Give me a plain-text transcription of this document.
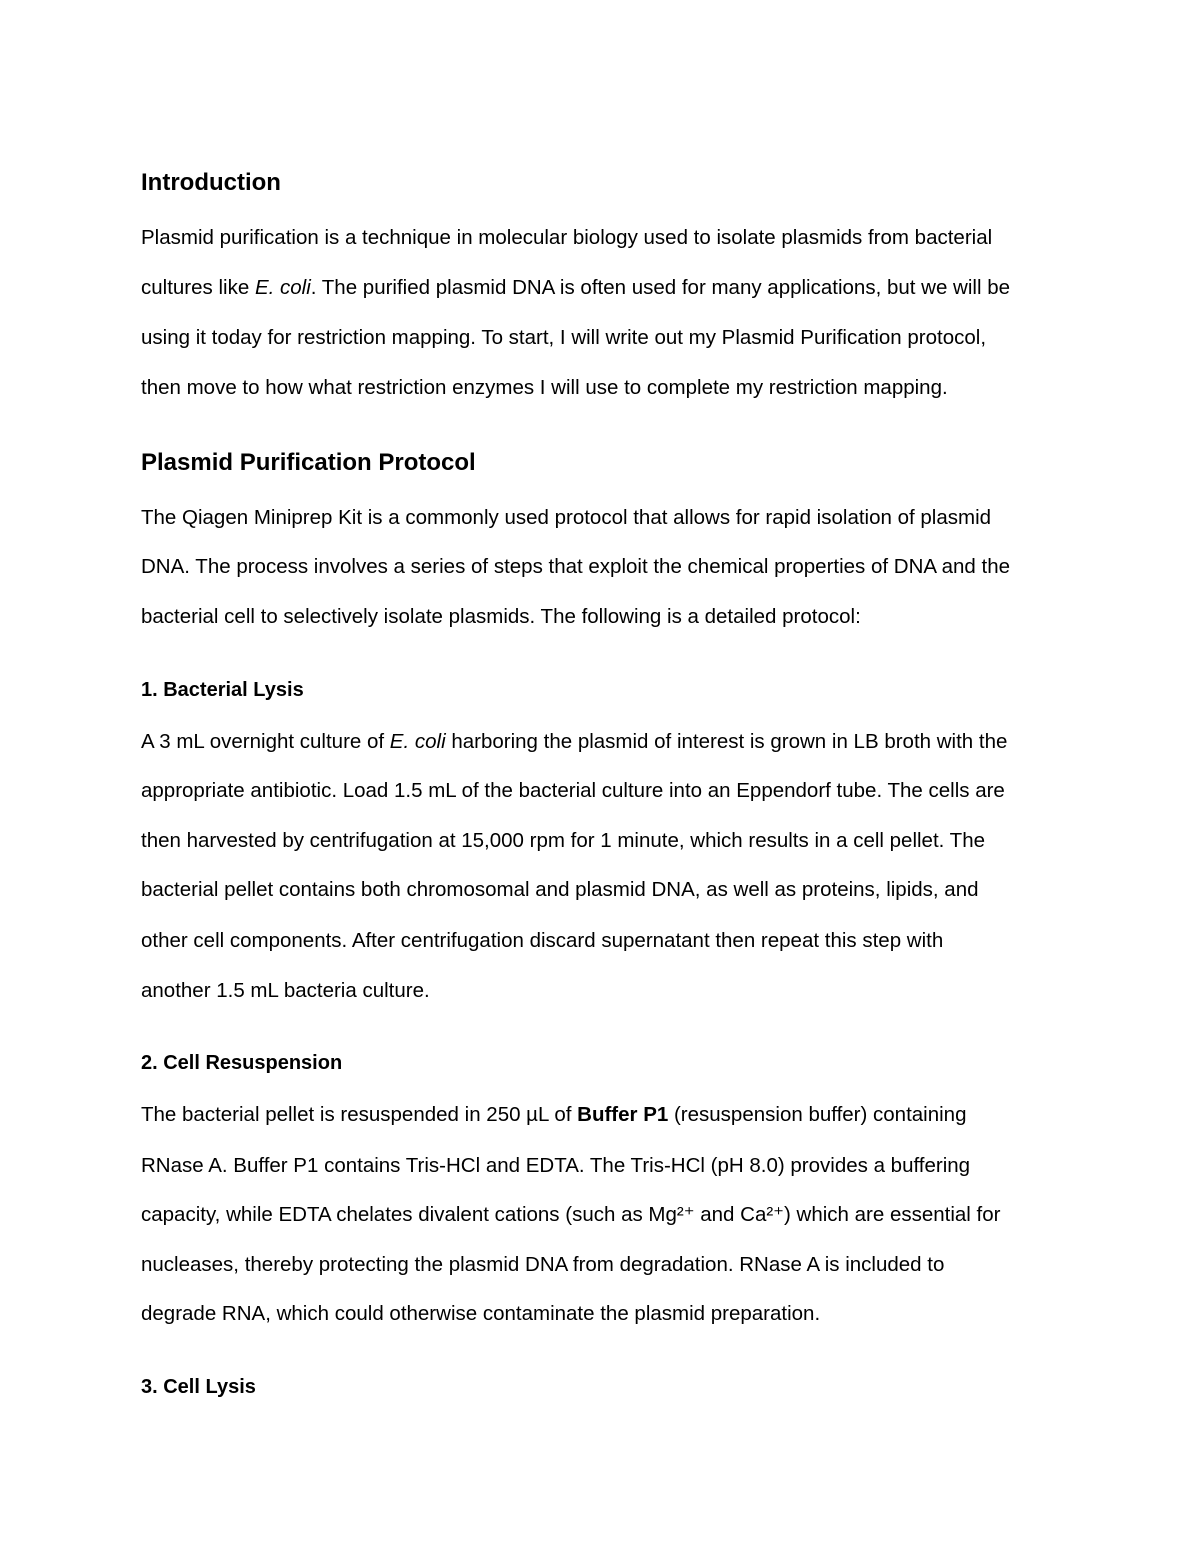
Introduction

Plasmid purification is a technique in molecular biology used to isolate plasmids from bacterial

cultures like E. coli. The purified plasmid DNA is often used for many applications, but we will be

using it today for restriction mapping. To start, I will write out my Plasmid Purification protocol,

then move to how what restriction enzymes I will use to complete my restriction mapping.

Plasmid Purification Protocol

The Qiagen Miniprep Kit is a commonly used protocol that allows for rapid isolation of plasmid

DNA. The process involves a series of steps that exploit the chemical properties of DNA and the

bacterial cell to selectively isolate plasmids. The following is a detailed protocol:

1. Bacterial Lysis

A 3 mL overnight culture of E. coli harboring the plasmid of interest is grown in LB broth with the

appropriate antibiotic. Load 1.5 mL of the bacterial culture into an Eppendorf tube. The cells are

then harvested by centrifugation at 15,000 rpm for 1 minute, which results in a cell pellet. The

bacterial pellet contains both chromosomal and plasmid DNA, as well as proteins, lipids, and

other cell components. After centrifugation discard supernatant then repeat this step with

another 1.5 mL bacteria culture.

2. Cell Resuspension

The bacterial pellet is resuspended in 250 µL of Buffer P1 (resuspension buffer) containing

RNase A. Buffer P1 contains Tris-HCl and EDTA. The Tris-HCl (pH 8.0) provides a buffering

capacity, while EDTA chelates divalent cations (such as Mg²⁺ and Ca²⁺) which are essential for

nucleases, thereby protecting the plasmid DNA from degradation. RNase A is included to

degrade RNA, which could otherwise contaminate the plasmid preparation.

3. Cell Lysis
